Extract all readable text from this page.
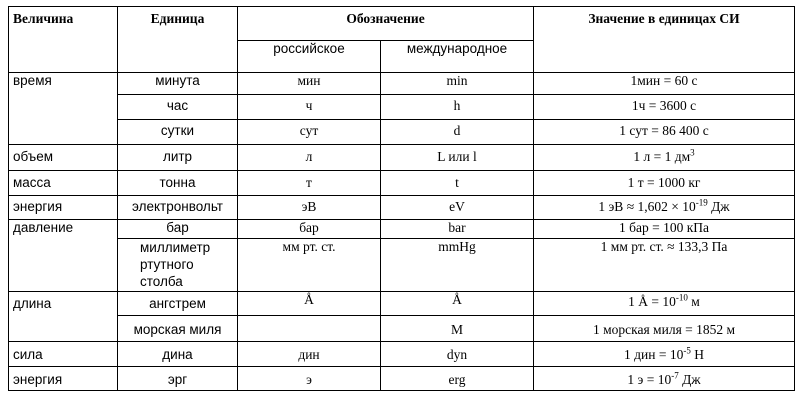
Величина	Единица	Обозначение		Значение в единицах СИ
		российское	международное	
время	минута	мин	min	1мин = 60 с
	час	ч	h	1ч = 3600 с
	сутки	сут	d	1 сут = 86 400 с
объем	литр	л	L или l	1 л = 1 $дм^3$
масса	тонна	т	t	1 т = 1000 кг
энергия	электронвольт	эВ	eV	1 эВ ≈ $1,602 \times 10^{-19}$ Дж
давление	бар	бар	bar	1 бар = 100 кПа
	миллиметр ртутного столба	мм рт. ст.	mmHg	1 мм рт. ст. ≈ 133,3 Па
длина	ангстрем	Å	Å	1 Å = $10^{-10}$ м
	морская миля		M	1 морская миля = 1852 м
сила	дина	дин	dyn	1 дин = $10^{-5}$ Н
энергия	эрг	э	erg	1 $э = 10^{-7}$ Дж
